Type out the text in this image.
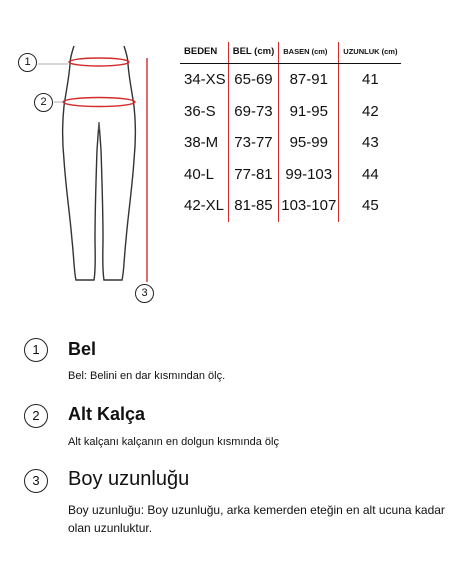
1
2
3
BEDEN	BEL (cm)	BASEN (cm)	UZUNLUK (cm)
34-XS	65-69	87-91	41
36-S	69-73	91-95	42
38-M	73-77	95-99	43
40-L	77-81	99-103	44
42-XL	81-85	103-107	45
1	Bel
Bel: Belini en dar kısmından ölç.
2	Alt Kalça
Alt kalçanı kalçanın en dolgun kısmında ölç
3	Boy uzunluğu
Boy uzunluğu: Boy uzunluğu, arka kemerden eteğin en alt ucuna kadar olan uzunluktur.
